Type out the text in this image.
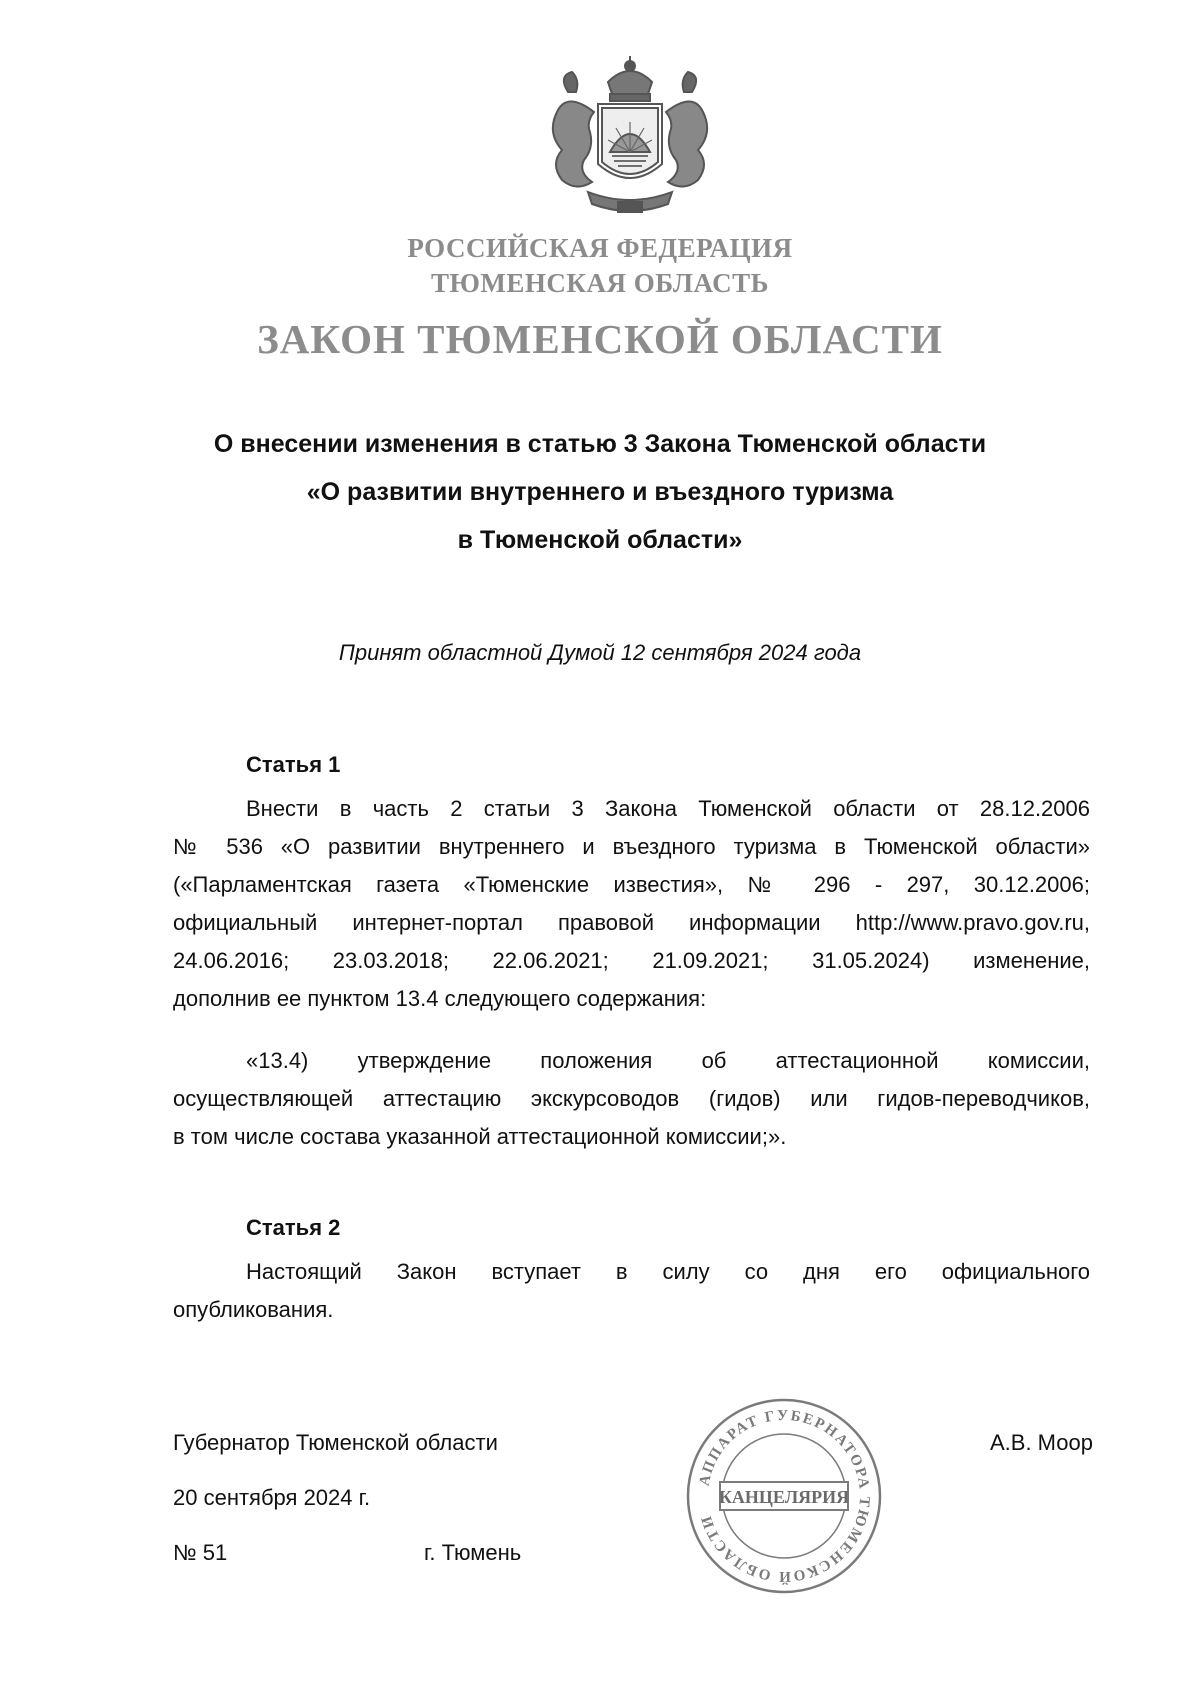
РОССИЙСКАЯ ФЕДЕРАЦИЯ
ТЮМЕНСКАЯ ОБЛАСТЬ
ЗАКОН ТЮМЕНСКОЙ ОБЛАСТИ
О внесении изменения в статью 3 Закона Тюменской области
«О развитии внутреннего и въездного туризма
в Тюменской области»
Принят областной Думой 12 сентября 2024 года
Статья 1
Внести в часть 2 статьи 3 Закона Тюменской области от 28.12.2006
№ 536 «О развитии внутреннего и въездного туризма в Тюменской области»
(«Парламентская газета «Тюменские известия», № 296 - 297, 30.12.2006;
официальный интернет-портал правовой информации http://www.pravo.gov.ru,
24.06.2016; 23.03.2018; 22.06.2021; 21.09.2021; 31.05.2024) изменение,
дополнив ее пунктом 13.4 следующего содержания:
«13.4) утверждение положения об аттестационной комиссии,
осуществляющей аттестацию экскурсоводов (гидов) или гидов-переводчиков,
в том числе состава указанной аттестационной комиссии;».
Статья 2
Настоящий Закон вступает в силу со дня его официального
опубликования.
Губернатор Тюменской области	А.В. Моор
20 сентября 2024 г.
№ 51	г. Тюмень
АППАРАТ ГУБЕРНАТОРА ТЮМЕНСКОЙ ОБЛАСТИ
КАНЦЕЛЯРИЯ
